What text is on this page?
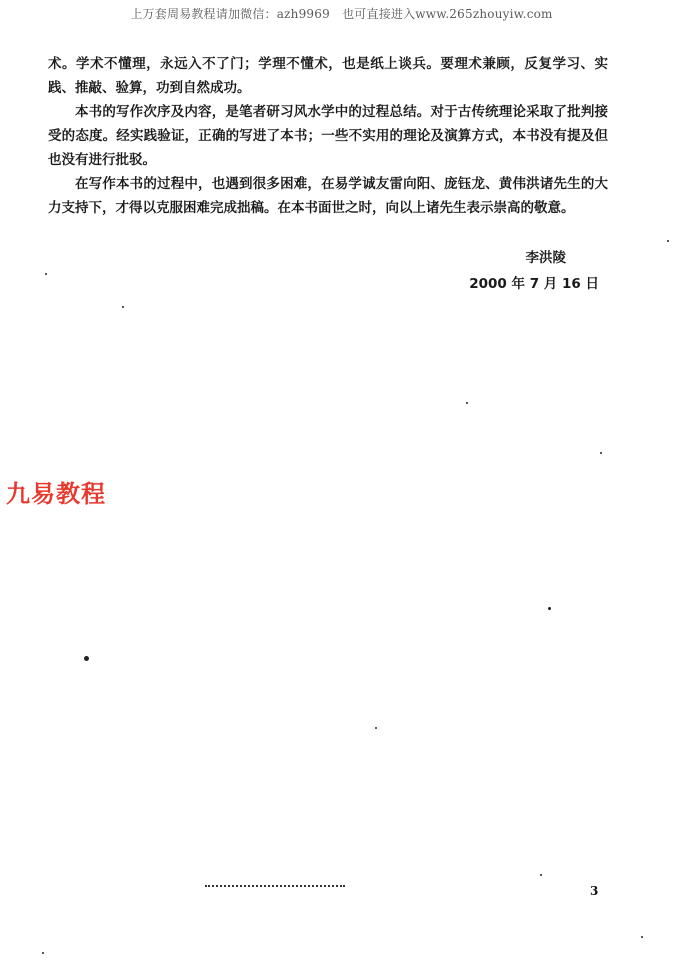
上万套周易教程请加微信：azh9969　也可直接进入www.265zhouyiw.com

术。学术不懂理，永远入不了门；学理不懂术，也是纸上谈兵。要理术兼顾，反复学习、实践、推敲、验算，功到自然成功。

本书的写作次序及内容，是笔者研习风水学中的过程总结。对于古传统理论采取了批判接受的态度。经实践验证，正确的写进了本书；一些不实用的理论及演算方式，本书没有提及但也没有进行批驳。

在写作本书的过程中，也遇到很多困难，在易学诚友雷向阳、庞钰龙、黄伟洪诸先生的大力支持下，才得以克服困难完成拙稿。在本书面世之时，向以上诸先生表示崇高的敬意。

李洪陵
2000 年 7 月 16 日
九易教程
3
